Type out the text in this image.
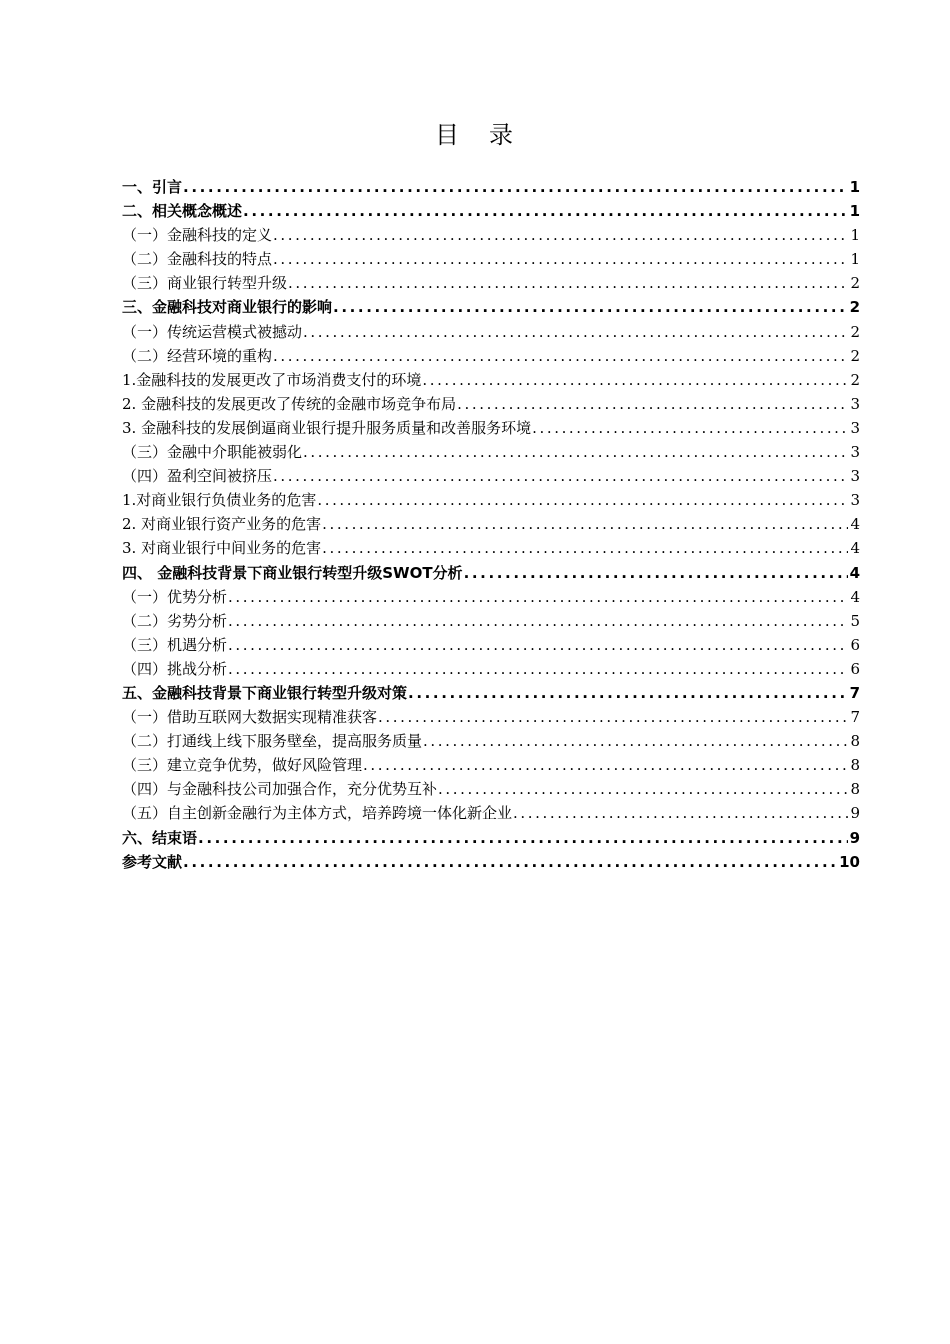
目 录
一、引言 .....	1
二、相关概念概述 .....	1
（一）金融科技的定义 .....	1
（二）金融科技的特点 .....	1
（三）商业银行转型升级 .....	2
三、金融科技对商业银行的影响 .....	2
（一）传统运营模式被撼动 .....	2
（二）经营环境的重构 .....	2
1.金融科技的发展更改了市场消费支付的环境 .....	2
2. 金融科技的发展更改了传统的金融市场竞争布局 .....	3
3. 金融科技的发展倒逼商业银行提升服务质量和改善服务环境 .....	3
（三）金融中介职能被弱化 .....	3
（四）盈利空间被挤压 .....	3
1.对商业银行负债业务的危害 .....	3
2. 对商业银行资产业务的危害 .....	4
3. 对商业银行中间业务的危害 .....	4
四、 金融科技背景下商业银行转型升级SWOT分析 .....	4
（一）优势分析 .....	4
（二）劣势分析 .....	5
（三）机遇分析 .....	6
（四）挑战分析 .....	6
五、金融科技背景下商业银行转型升级对策 .....	7
（一）借助互联网大数据实现精准获客 .....	7
（二）打通线上线下服务壁垒，提高服务质量 .....	8
（三）建立竞争优势，做好风险管理 .....	8
（四）与金融科技公司加强合作，充分优势互补 .....	8
（五）自主创新金融行为主体方式，培养跨境一体化新企业 .....	9
六、结束语 .....	9
参考文献 .....	10
